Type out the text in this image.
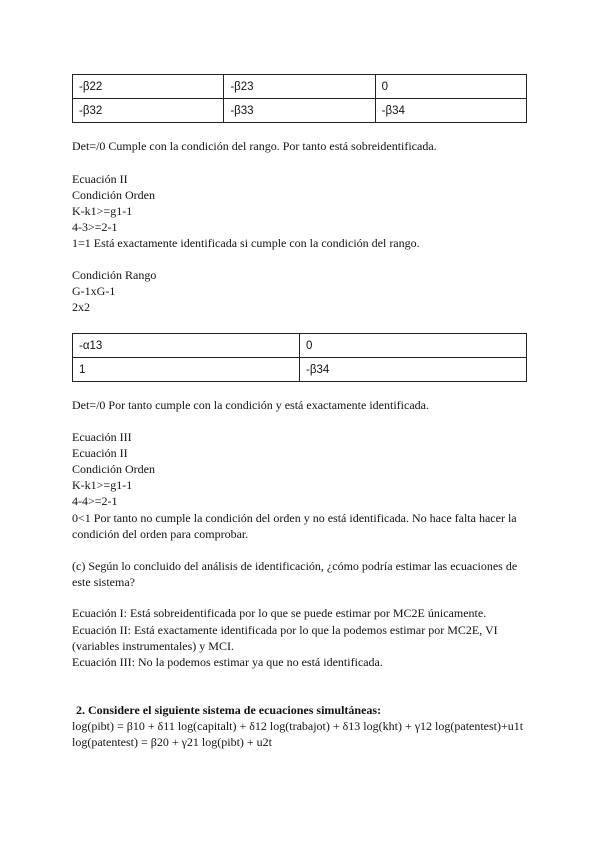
-β22	-β23	0
-β32	-β33	-β34
Det=/0 Cumple con la condición del rango. Por tanto está sobreidentificada.
Ecuación II
Condición Orden
K-k1>=g1-1
4-3>=2-1
1=1 Está exactamente identificada si cumple con la condición del rango.
Condición Rango
G-1xG-1
2x2
-α13	0
1	-β34
Det=/0 Por tanto cumple con la condición y está exactamente identificada.
Ecuación III
Ecuación II
Condición Orden
K-k1>=g1-1
4-4>=2-1
0<1 Por tanto no cumple la condición del orden y no está identificada. No hace falta hacer la condición del orden para comprobar.
(c) Según lo concluido del análisis de identificación, ¿cómo podría estimar las ecuaciones de este sistema?
Ecuación I: Está sobreidentificada por lo que se puede estimar por MC2E únicamente.
Ecuación II: Está exactamente identificada por lo que la podemos estimar por MC2E, VI (variables instrumentales) y MCI.
Ecuación III: No la podemos estimar ya que no está identificada.
2. Considere el siguiente sistema de ecuaciones simultáneas:
log(pibt) = β10 + δ11 log(capitalt) + δ12 log(trabajot) + δ13 log(kht) + γ12 log(patentest)+u1t
log(patentest) = β20 + γ21 log(pibt) + u2t
